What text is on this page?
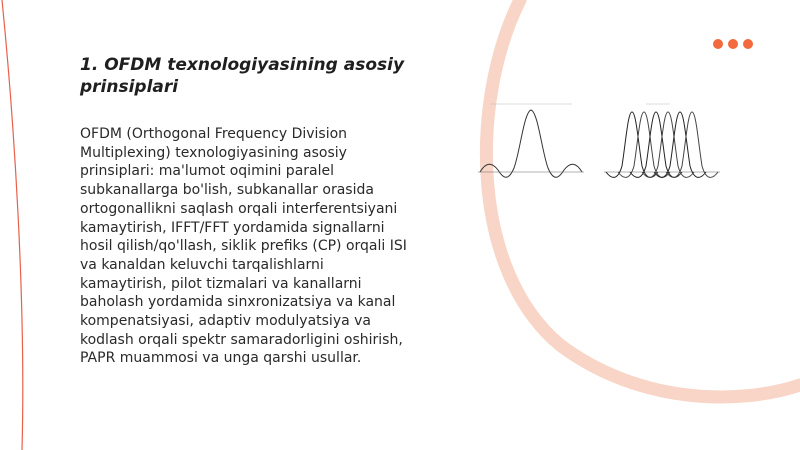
1. OFDM texnologiyasining asosiy prinsiplari

OFDM (Orthogonal Frequency Division Multiplexing) texnologiyasining asosiy prinsiplari: ma'lumot oqimini paralel subkanallarga bo'lish, subkanallar orasida ortogonallikni saqlash orqali interferentsiyani kamaytirish, IFFT/FFT yordamida signallarni hosil qilish/qo'llash, siklik prefiks (CP) orqali ISI va kanaldan keluvchi tarqalishlarni kamaytirish, pilot tizmalari va kanallarni baholash yordamida sinxronizatsiya va kanal kompenatsiyasi, adaptiv modulyatsiya va kodlash orqali spektr samaradorligini oshirish, PAPR muammosi va unga qarshi usullar.
